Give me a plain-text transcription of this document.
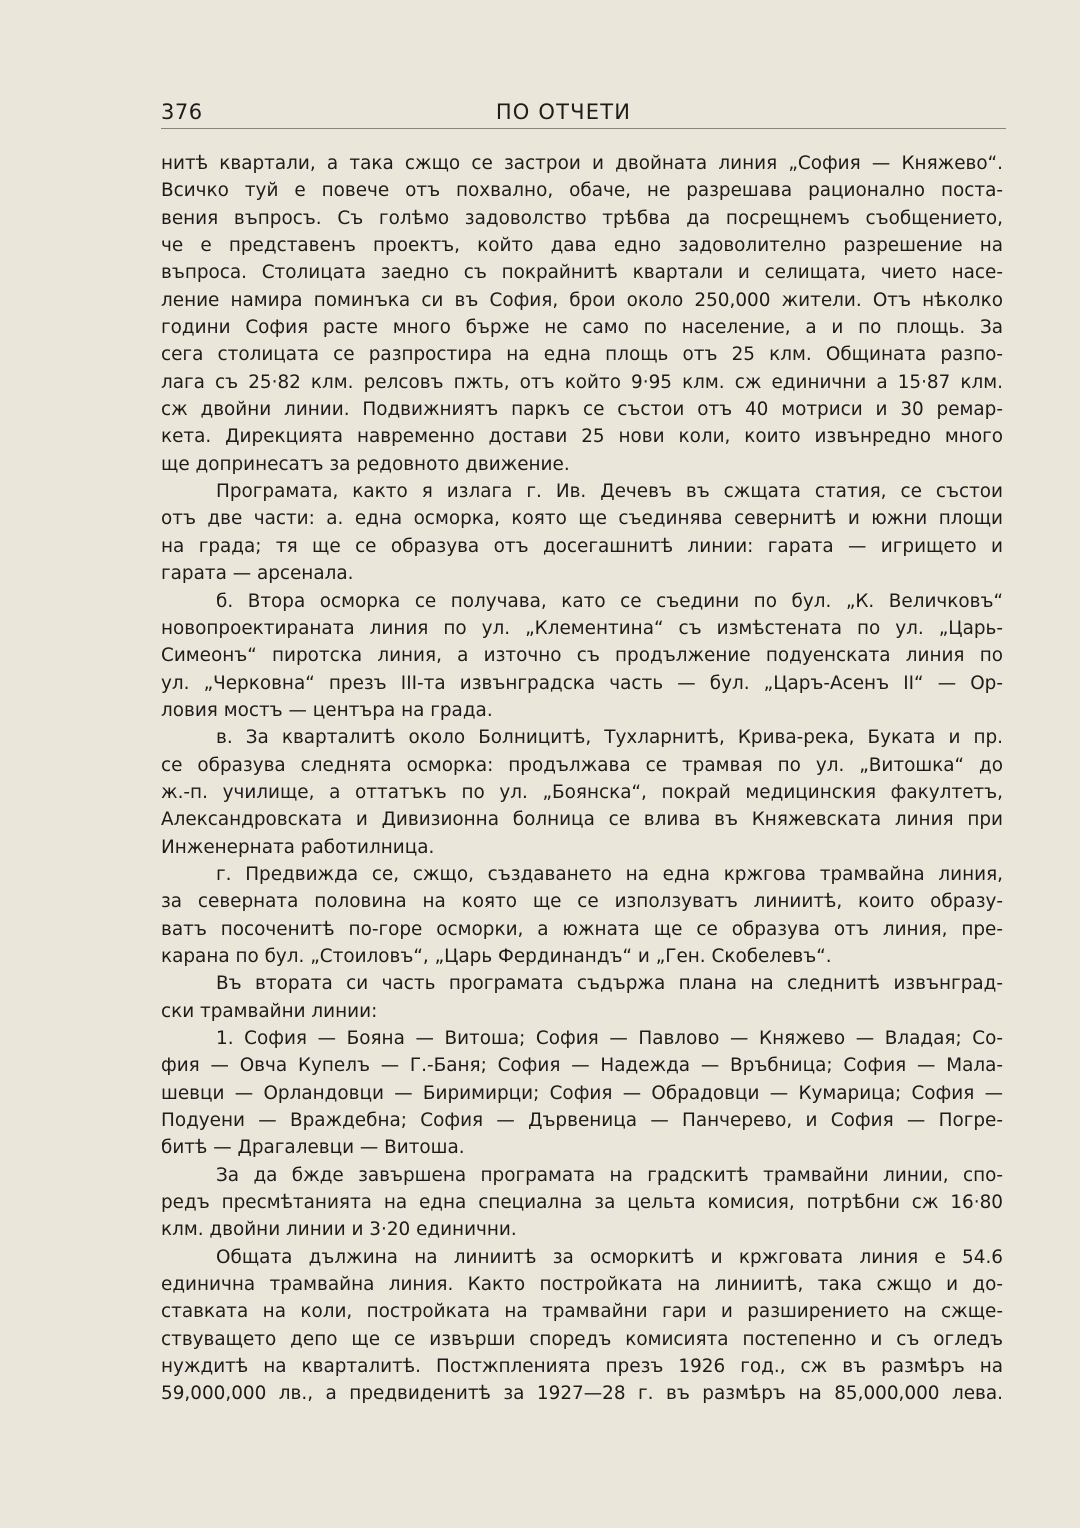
376	ПО ОТЧЕТИ
нитѣ квартали, а така сжщо се застрои и двойната линия „София — Княжево“.
Всичко туй е повече отъ похвално, обаче, не разрешава рационално поста-
вения въпросъ. Съ голѣмо задоволство трѣбва да посрещнемъ съобщението,
че е представенъ проектъ, който дава едно задоволително разрешение на
въпроса. Столицата заедно съ покрайнитѣ квартали и селищата, чието насе-
ление намира поминъка си въ София, брои около 250,000 жители. Отъ нѣколко
години София расте много бърже не само по население, а и по площь. За
сега столицата се разпростира на една площь отъ 25 клм. Общината разпо-
лага съ 25·82 клм. релсовъ пжть, отъ който 9·95 клм. сж единични а 15·87 клм.
сж двойни линии. Подвижниятъ паркъ се състои отъ 40 мотриси и 30 ремар-
кета. Дирекцията навременно достави 25 нови коли, които извънредно много
ще допринесатъ за редовното движение.
Програмата, както я излага г. Ив. Дечевъ въ сжщата статия, се състои
отъ две части: а. една осморка, която ще съединява севернитѣ и южни площи
на града; тя ще се образува отъ досегашнитѣ линии: гарата — игрището и
гарата — арсенала.
б. Втора осморка се получава, като се съедини по бул. „К. Величковъ“
новопроектираната линия по ул. „Клементина“ съ измѣстената по ул. „Царь-
Симеонъ“ пиротска линия, а източно съ продължение подуенската линия по
ул. „Черковна“ презъ III-та извънградска часть — бул. „Царъ-Асенъ II“ — Ор-
ловия мостъ — центъра на града.
в. За кварталитѣ около Болницитѣ, Тухларнитѣ, Крива-река, Буката и пр.
се образува следнята осморка: продължава се трамвая по ул. „Витошка“ до
ж.-п. училище, а оттатъкъ по ул. „Боянска“, покрай медицинския факултетъ,
Александровската и Дивизионна болница се влива въ Княжевската линия при
Инженерната работилница.
г. Предвижда се, сжщо, създаването на една кржгова трамвайна линия,
за северната половина на която ще се използуватъ линиитѣ, които образу-
ватъ посоченитѣ по-горе осморки, а южната ще се образува отъ линия, пре-
карана по бул. „Стоиловъ“, „Царь Фердинандъ“ и „Ген. Скобелевъ“.
Въ втората си часть програмата съдържа плана на следнитѣ извънград-
ски трамвайни линии:
1. София — Бояна — Витоша; София — Павлово — Княжево — Владая; Со-
фия — Овча Купелъ — Г.-Баня; София — Надежда — Връбница; София — Мала-
шевци — Орландовци — Биримирци; София — Обрадовци — Кумарица; София —
Подуени — Враждебна; София — Дървеница — Панчерево, и София — Погре-
битѣ — Драгалевци — Витоша.
За да бжде завършена програмата на градскитѣ трамвайни линии, спо-
редъ пресмѣтанията на една специална за цельта комисия, потрѣбни сж 16·80
клм. двойни линии и 3·20 единични.
Общата дължина на линиитѣ за осморкитѣ и кржговата линия е 54.6
единична трамвайна линия. Както постройката на линиитѣ, така сжщо и до-
ставката на коли, постройката на трамвайни гари и разширението на сжще-
ствуващето депо ще се извърши споредъ комисията постепенно и съ огледъ
нуждитѣ на кварталитѣ. Постжпленията презъ 1926 год., сж въ размѣръ на
59,000,000 лв., а предвиденитѣ за 1927—28 г. въ размѣръ на 85,000,000 лева.
